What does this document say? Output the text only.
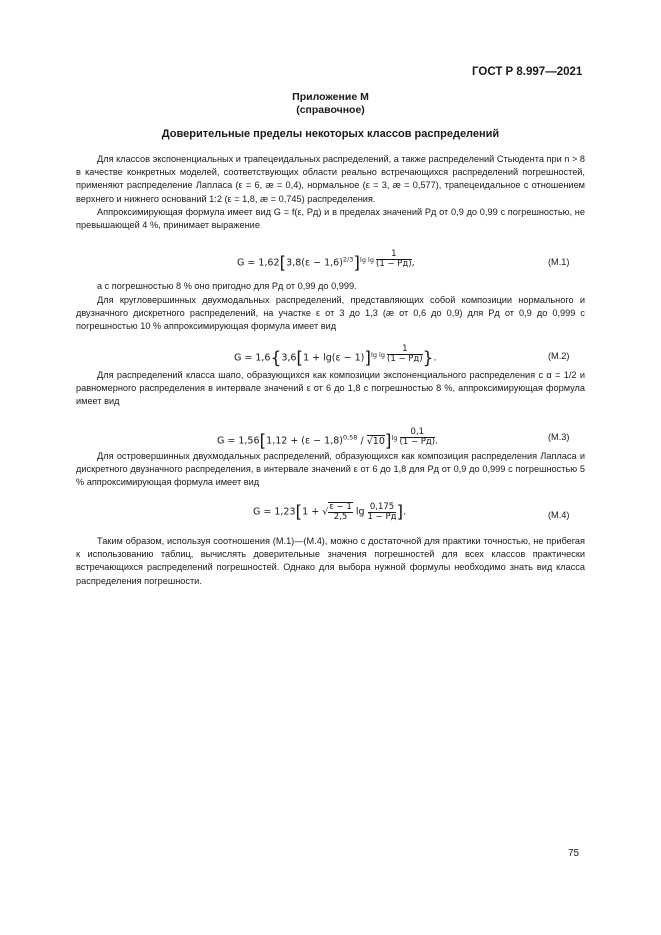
ГОСТ Р 8.997—2021
Приложение М
(справочное)
Доверительные пределы некоторых классов распределений
Для классов экспоненциальных и трапецеидальных распределений, а также распределений Стьюдента при n > 8 в качестве конкретных моделей, соответствующих области реально встречающихся распределений погрешностей, применяют распределение Лапласа (ε = 6, æ = 0,4), нормальное (ε = 3, æ = 0,577), трапецеидальное с отношением верхнего и нижнего оснований 1:2 (ε = 1,8, æ = 0,745) распределения.
Аппроксимирующая формула имеет вид G = f(ε, Pд) и в пределах значений Pд от 0,9 до 0,99 с погрешностью, не превышающей 4 %, принимает выражение
$G = 1,62[3,8(\varepsilon - 1,6)^{2/3}]^{lg lg \frac{1}{(1 - Pд)}}$ ,	(М.1)
а с погрешностью 8 % оно пригодно для Pд от 0,99 до 0,999.
Для кругловершинных двухмодальных распределений, представляющих собой композиции нормального и двузначного дискретного распределений, на участке ε от 3 до 1,3 (æ от 0,6 до 0,9) для Pд от 0,9 до 0,999 с погрешностью 10 % аппроксимирующая формула имеет вид
$G = 1,6\{3,6[1 + \lg(\varepsilon - 1)]^{lg lg \frac{1}{(1 - Pд)}}$ }.	(М.2)
Для распределений класса шапо, образующихся как композиции экспоненциального распределения с α = 1/2 и равномерного распределения в интервале значений ε от 6 до 1,8 с погрешностью 8 %, аппроксимирующая формула имеет вид
$G = 1,56[1,12 + (\varepsilon - 1,8)^{0,58} / √10]^{lg \frac{0,1}{(1 - Pд)}}$ .	(М.3)
Для островершинных двухмодальных распределений, образующихся как композиция распределения Лапласа и дискретного двузначного распределения, в интервале значений ε от 6 до 1,8 для Pд от 0,9 до 0,999 с погрешностью 5 % аппроксимирующая формула имеет вид
G = 1,23[1 + √ $\frac{\varepsilon - 1}{2,5}$ $\lg \frac{0,175}{1 - Pд}$ ].	(М.4)
Таким образом, используя соотношения (М.1)—(М.4), можно с достаточной для практики точностью, не прибегая к использованию таблиц, вычислять доверительные значения погрешностей для всех классов практически встречающихся распределений погрешностей. Однако для выбора нужной формулы необходимо знать вид класса распределения погрешности.
75
